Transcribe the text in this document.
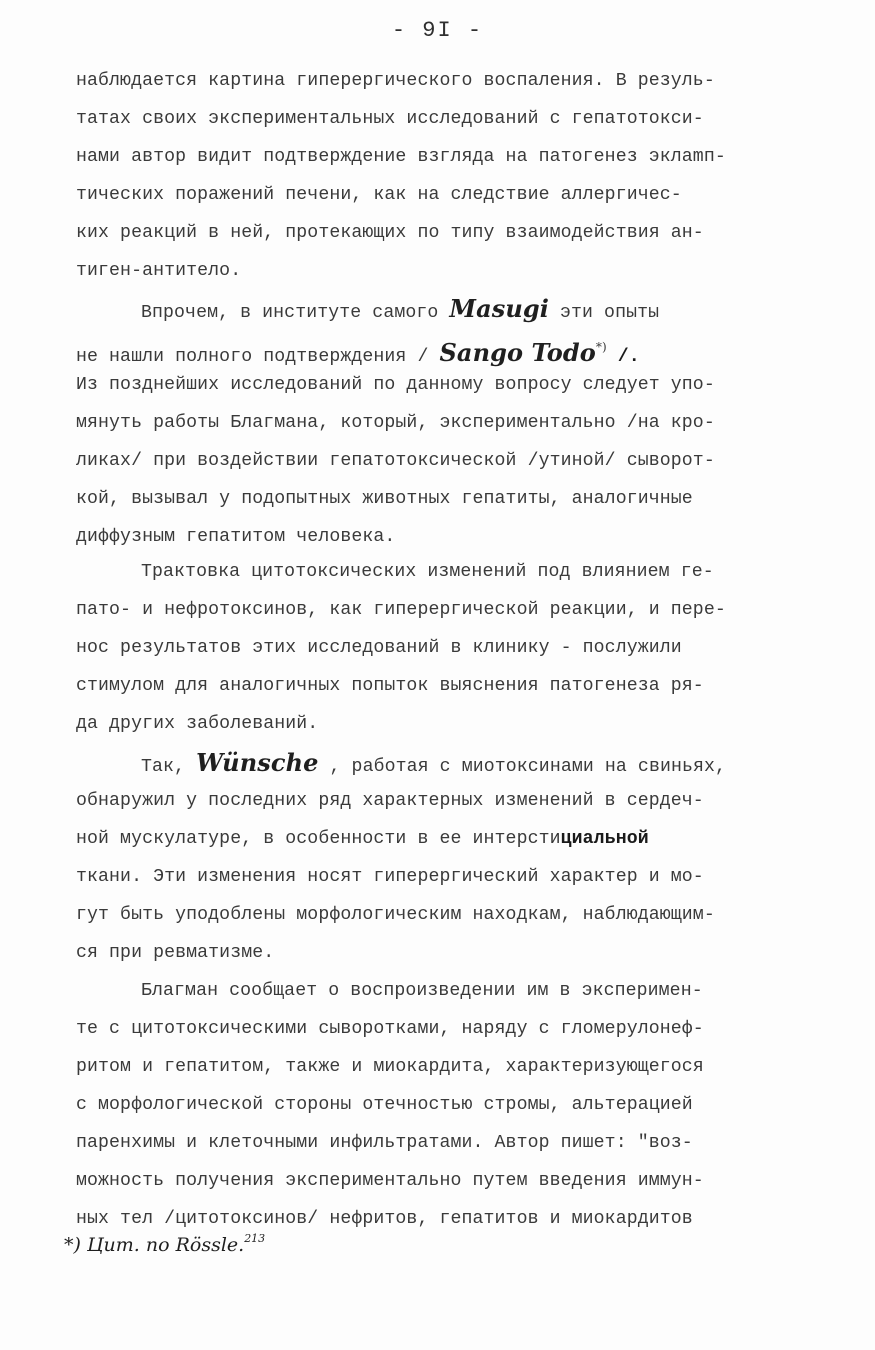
- 9I -
наблюдается картина гиперергического воспаления. В резуль-
татах своих экспериментальных исследований с гепатотокси-
нами автор видит подтверждение взгляда на патогенез эклamп-
тических поражений печени, как на следствие аллергичес-
ких реакций в ней, протекающих по типу взаимодействия ан-
тиген-антитело.
Впрочем, в институте самого Masugi эти опыты
не нашли полного подтверждения / Sango Todo*) /.
Из позднейших исследований по данному вопросу следует упо-
мянуть работы Благмана, который, экспериментально /на кро-
ликах/ при воздействии гепатотоксической /утиной/ сыворот-
кой, вызывал у подопытных животных гепатиты, аналогичные
диффузным гепатитом человека.
Трактовка цитотоксических изменений под влиянием ге-
пато- и нефротоксинов, как гиперергической реакции, и пере-
нос результатов этих исследований в клинику - послужили
стимулом для аналогичных попыток выяснения патогенеза ря-
да других заболеваний.
Так, Wünsche , работая с миотоксинами на свиньях,
обнаружил у последних ряд характерных изменений в сердеч-
ной мускулатуре, в особенности в ее интерстициальной
ткани. Эти изменения носят гиперергический характер и мо-
гут быть уподоблены морфологическим находкам, наблюдающим-
ся при ревматизме.
Благман сообщает о воспроизведении им в эксперимен-
те с цитотоксическими сыворотками, наряду с гломерулонеф-
ритом и гепатитом, также и миокардита, характеризующегося
с морфологической стороны отечностью стромы, альтерацией
паренхимы и клеточными инфильтратами. Автор пишет: "воз-
можность получения экспериментально путем введения иммун-
ных тел /цитотоксинов/ нефритов, гепатитов и миокардитов
*) Цит. по Rössle.$^{213}$
